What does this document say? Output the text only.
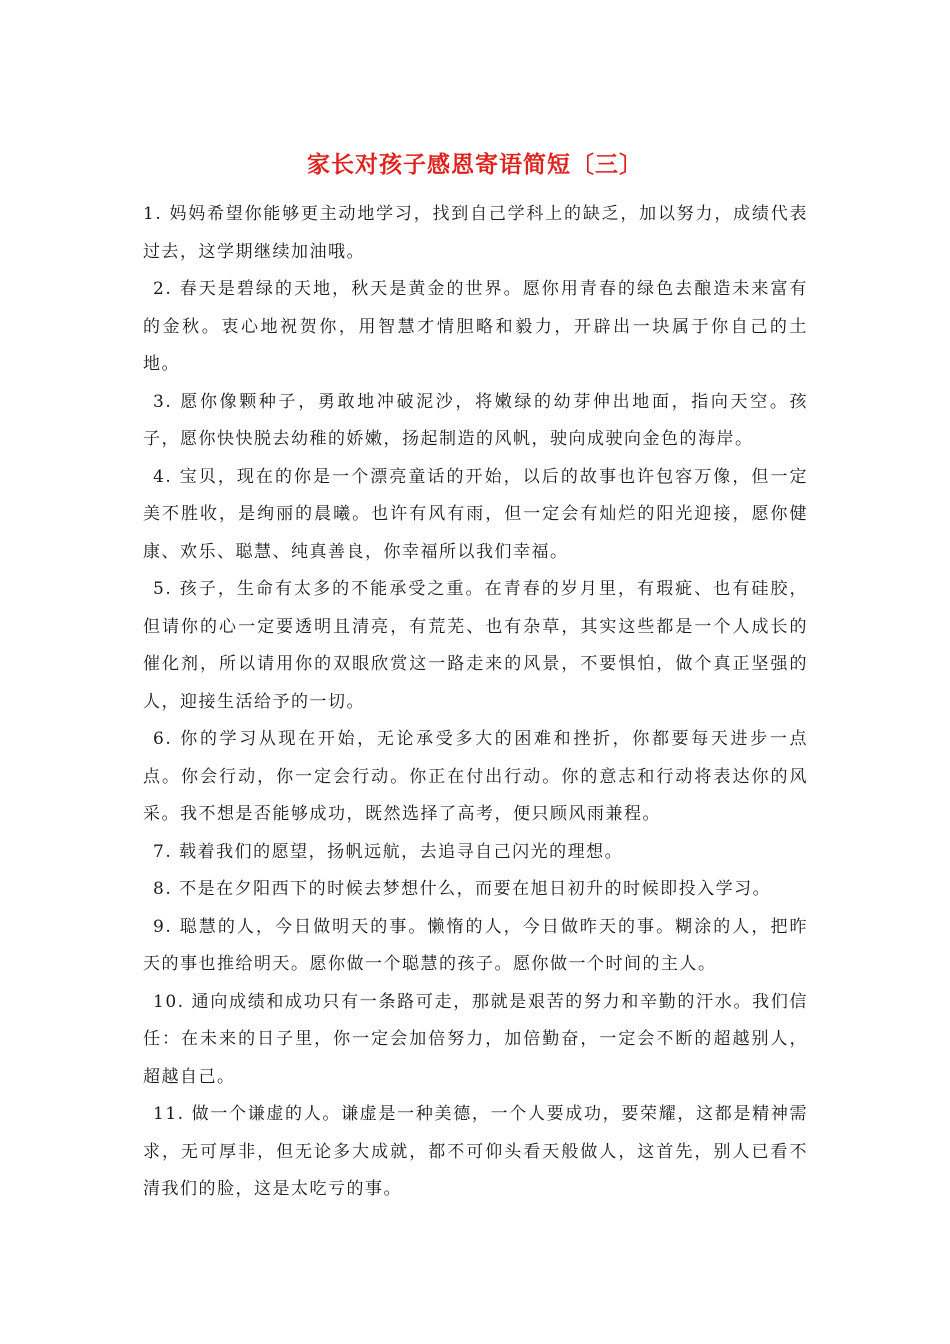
家长对孩子感恩寄语简短〔三〕

1. 妈妈希望你能够更主动地学习，找到自己学科上的缺乏，加以努力，成绩代表过去，这学期继续加油哦。

2. 春天是碧绿的天地，秋天是黄金的世界。愿你用青春的绿色去酿造未来富有的金秋。衷心地祝贺你，用智慧才情胆略和毅力，开辟出一块属于你自己的土地。

3. 愿你像颗种子，勇敢地冲破泥沙，将嫩绿的幼芽伸出地面，指向天空。孩子，愿你快快脱去幼稚的娇嫩，扬起制造的风帆，驶向成驶向金色的海岸。

4. 宝贝，现在的你是一个漂亮童话的开始，以后的故事也许包容万像，但一定美不胜收，是绚丽的晨曦。也许有风有雨，但一定会有灿烂的阳光迎接，愿你健康、欢乐、聪慧、纯真善良，你幸福所以我们幸福。

5. 孩子，生命有太多的不能承受之重。在青春的岁月里，有瑕疵、也有硅胶，但请你的心一定要透明且清亮，有荒芜、也有杂草，其实这些都是一个人成长的催化剂，所以请用你的双眼欣赏这一路走来的风景，不要惧怕，做个真正坚强的人，迎接生活给予的一切。

6. 你的学习从现在开始，无论承受多大的困难和挫折，你都要每天进步一点点。你会行动，你一定会行动。你正在付出行动。你的意志和行动将表达你的风采。我不想是否能够成功，既然选择了高考，便只顾风雨兼程。

7. 载着我们的愿望，扬帆远航，去追寻自己闪光的理想。

8. 不是在夕阳西下的时候去梦想什么，而要在旭日初升的时候即投入学习。

9. 聪慧的人，今日做明天的事。懒惰的人，今日做昨天的事。糊涂的人，把昨天的事也推给明天。愿你做一个聪慧的孩子。愿你做一个时间的主人。

10. 通向成绩和成功只有一条路可走，那就是艰苦的努力和辛勤的汗水。我们信任：在未来的日子里，你一定会加倍努力，加倍勤奋，一定会不断的超越别人，超越自己。

11. 做一个谦虚的人。谦虚是一种美德，一个人要成功，要荣耀，这都是精神需求，无可厚非，但无论多大成就，都不可仰头看天般做人，这首先，别人已看不清我们的脸，这是太吃亏的事。
